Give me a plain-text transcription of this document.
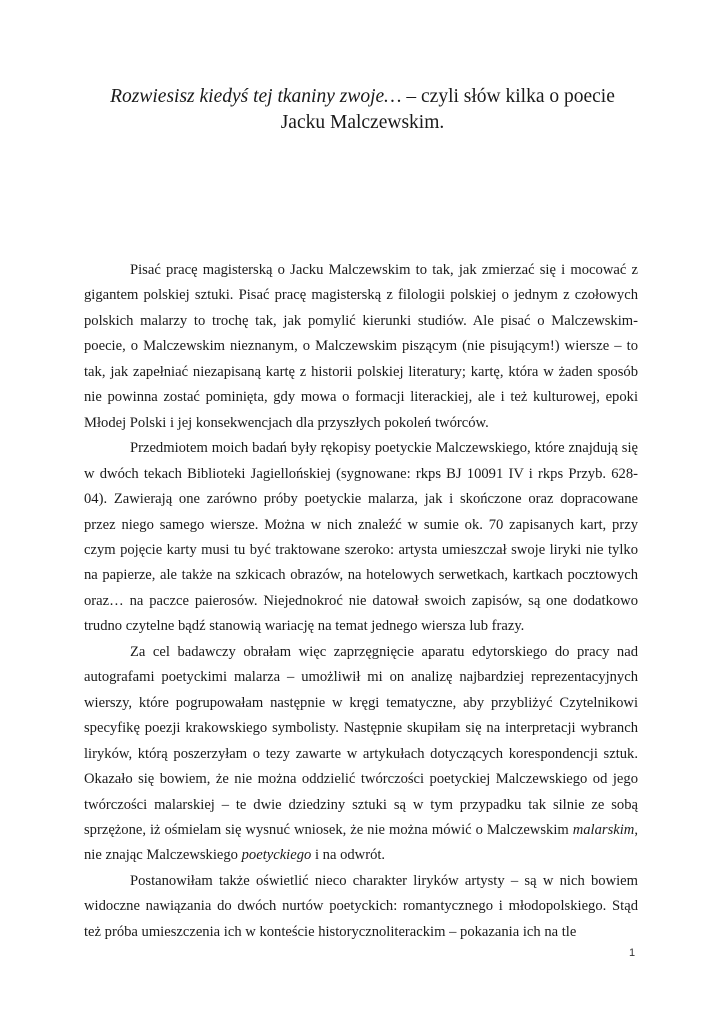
Rozwiesisz kiedyś tej tkaniny zwoje… – czyli słów kilka o poecie
Jacku Malczewskim.

Pisać pracę magisterską o Jacku Malczewskim to tak, jak zmierzać się i mocować z gigantem polskiej sztuki. Pisać pracę magisterską z filologii polskiej o jednym z czołowych polskich malarzy to trochę tak, jak pomylić kierunki studiów. Ale pisać o Malczewskim-poecie, o Malczewskim nieznanym, o Malczewskim piszącym (nie pisującym!) wiersze – to tak, jak zapełniać niezapisaną kartę z historii polskiej literatury; kartę, która w żaden sposób nie powinna zostać pominięta, gdy mowa o formacji literackiej, ale i też kulturowej, epoki Młodej Polski i jej konsekwencjach dla przyszłych pokoleń twórców.

Przedmiotem moich badań były rękopisy poetyckie Malczewskiego, które znajdują się w dwóch tekach Biblioteki Jagiellońskiej (sygnowane: rkps BJ 10091 IV i rkps Przyb. 628-04). Zawierają one zarówno próby poetyckie malarza, jak i skończone oraz dopracowane przez niego samego wiersze. Można w nich znaleźć w sumie ok. 70 zapisanych kart, przy czym pojęcie karty musi tu być traktowane szeroko: artysta umieszczał swoje liryki nie tylko na papierze, ale także na szkicach obrazów, na hotelowych serwetkach, kartkach pocztowych oraz… na paczce paierosów. Niejednokroć nie datował swoich zapisów, są one dodatkowo trudno czytelne bądź stanowią wariację na temat jednego wiersza lub frazy.

Za cel badawczy obrałam więc zaprzęgnięcie aparatu edytorskiego do pracy nad autografami poetyckimi malarza – umożliwił mi on analizę najbardziej reprezentacyjnych wierszy, które pogrupowałam następnie w kręgi tematyczne, aby przybliżyć Czytelnikowi specyfikę poezji krakowskiego symbolisty. Następnie skupiłam się na interpretacji wybranch liryków, którą poszerzyłam o tezy zawarte w artykułach dotyczących korespondencji sztuk. Okazało się bowiem, że nie można oddzielić twórczości poetyckiej Malczewskiego od jego twórczości malarskiej – te dwie dziedziny sztuki są w tym przypadku tak silnie ze sobą sprzężone, iż ośmielam się wysnuć wniosek, że nie można mówić o Malczewskim malarskim, nie znając Malczewskiego poetyckiego i na odwrót.

Postanowiłam także oświetlić nieco charakter liryków artysty – są w nich bowiem widoczne nawiązania do dwóch nurtów poetyckich: romantycznego i młodopolskiego. Stąd też próba umieszczenia ich w konteście historycznoliterackim – pokazania ich na tle

1
